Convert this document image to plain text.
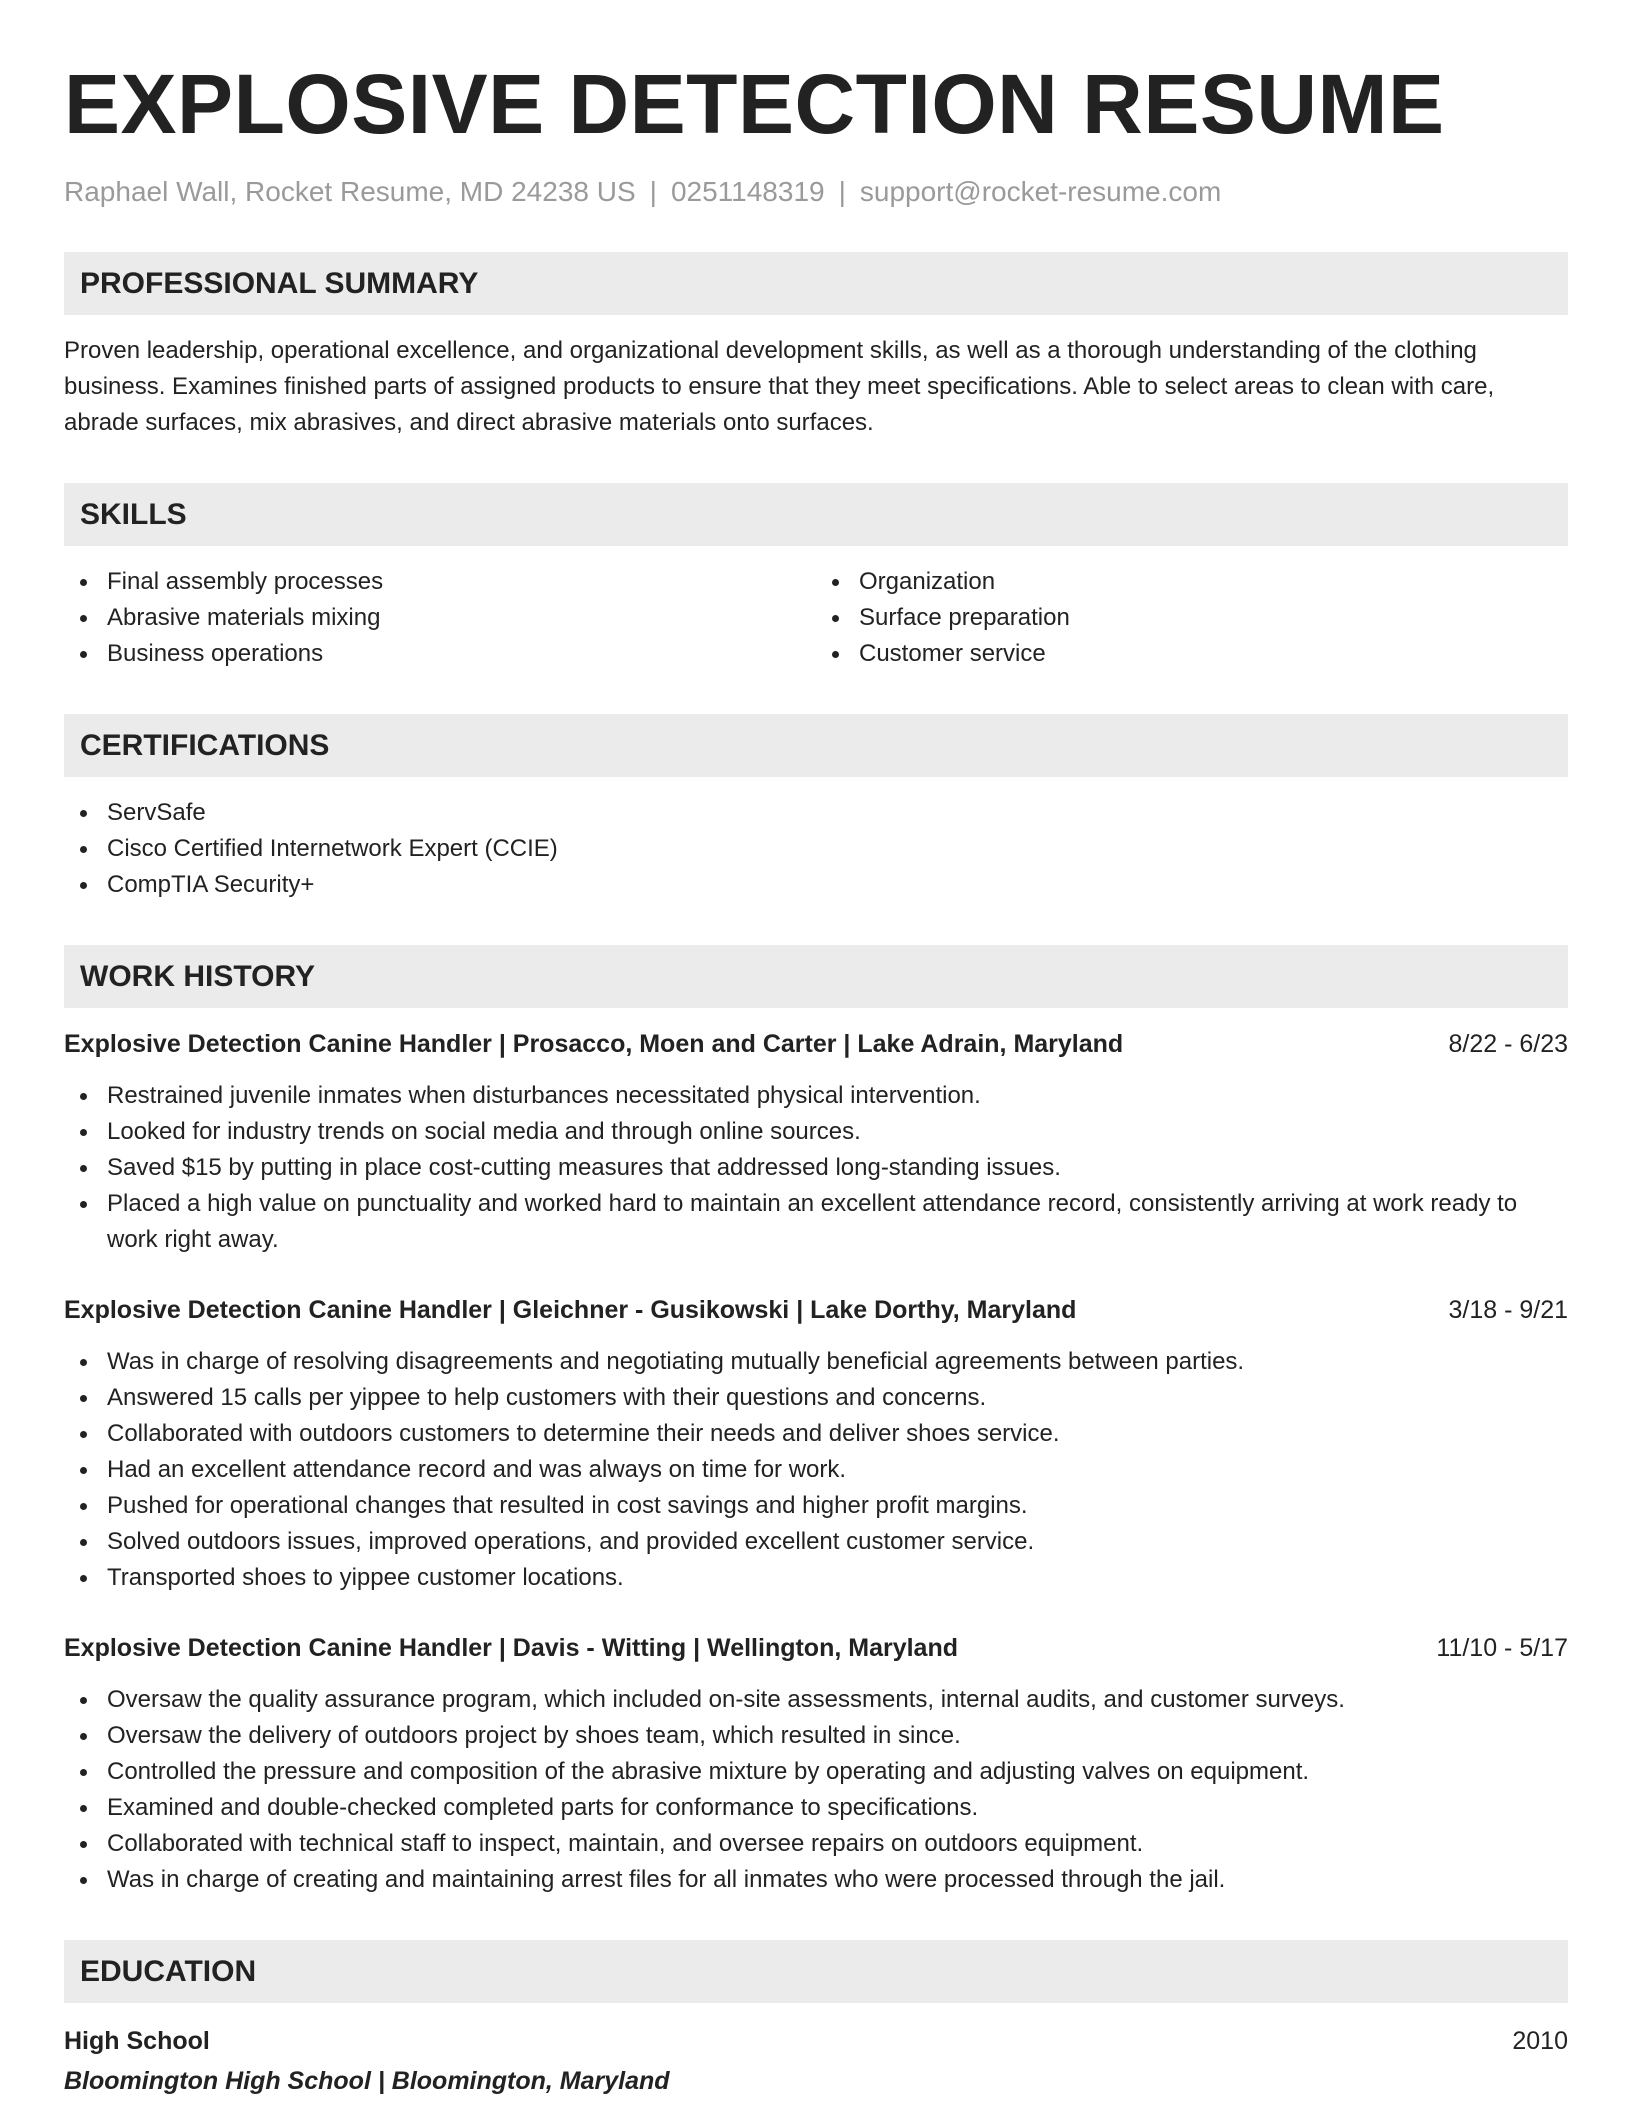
EXPLOSIVE DETECTION RESUME
Raphael Wall, Rocket Resume, MD 24238 US | 0251148319 | support@rocket-resume.com
PROFESSIONAL SUMMARY

Proven leadership, operational excellence, and organizational development skills, as well as a thorough understanding of the clothing business. Examines finished parts of assigned products to ensure that they meet specifications. Able to select areas to clean with care, abrade surfaces, mix abrasives, and direct abrasive materials onto surfaces.

SKILLS
Final assembly processes
Abrasive materials mixing
Business operations
Organization
Surface preparation
Customer service
CERTIFICATIONS
ServSafe
Cisco Certified Internetwork Expert (CCIE)
CompTIA Security+
WORK HISTORY
Explosive Detection Canine Handler | Prosacco, Moen and Carter | Lake Adrain, Maryland	8/22 - 6/23
Restrained juvenile inmates when disturbances necessitated physical intervention.
Looked for industry trends on social media and through online sources.
Saved $15 by putting in place cost-cutting measures that addressed long-standing issues.
Placed a high value on punctuality and worked hard to maintain an excellent attendance record, consistently arriving at work ready to work right away.
Explosive Detection Canine Handler | Gleichner - Gusikowski | Lake Dorthy, Maryland	3/18 - 9/21
Was in charge of resolving disagreements and negotiating mutually beneficial agreements between parties.
Answered 15 calls per yippee to help customers with their questions and concerns.
Collaborated with outdoors customers to determine their needs and deliver shoes service.
Had an excellent attendance record and was always on time for work.
Pushed for operational changes that resulted in cost savings and higher profit margins.
Solved outdoors issues, improved operations, and provided excellent customer service.
Transported shoes to yippee customer locations.
Explosive Detection Canine Handler | Davis - Witting | Wellington, Maryland	11/10 - 5/17
Oversaw the quality assurance program, which included on-site assessments, internal audits, and customer surveys.
Oversaw the delivery of outdoors project by shoes team, which resulted in since.
Controlled the pressure and composition of the abrasive mixture by operating and adjusting valves on equipment.
Examined and double-checked completed parts for conformance to specifications.
Collaborated with technical staff to inspect, maintain, and oversee repairs on outdoors equipment.
Was in charge of creating and maintaining arrest files for all inmates who were processed through the jail.
EDUCATION
High School	2010
Bloomington High School | Bloomington, Maryland
